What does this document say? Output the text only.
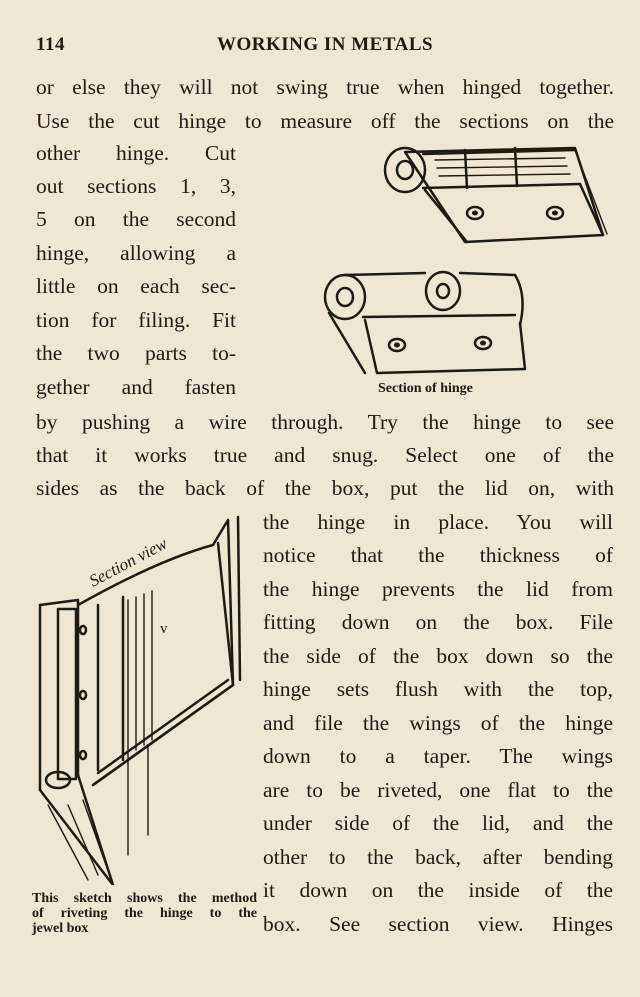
114	WORKING IN METALS
or else they will not swing true when hinged together.
Use the cut hinge to measure off the sections on the
other hinge. Cut
out sections 1, 3,
5 on the second
hinge, allowing a
little on each sec-
tion for filing. Fit
the two parts to-
gether and fasten	Section of hinge
by pushing a wire through. Try the hinge to see
that it works true and snug. Select one of the
sides as the back of the box, put the lid on, with
Section view
v
This sketch shows the method
of riveting the hinge to the
jewel box
the hinge in place. You will
notice that the thickness of
the hinge prevents the lid from
fitting down on the box. File
the side of the box down so the
hinge sets flush with the top,
and file the wings of the hinge
down to a taper. The wings
are to be riveted, one flat to the
under side of the lid, and the
other to the back, after bending
it down on the inside of the
box. See section view. Hinges
